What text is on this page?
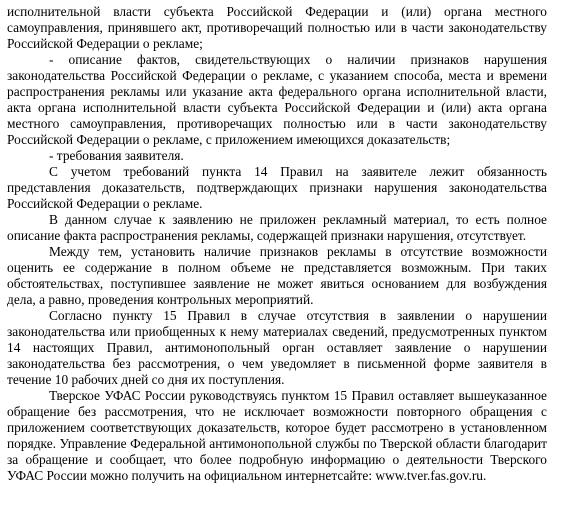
исполнительной власти субъекта Российской Федерации и (или) органа местного самоуправления, принявшего акт, противоречащий полностью или в части законодательству Российской Федерации о рекламе;

- описание фактов, свидетельствующих о наличии признаков нарушения законодательства Российской Федерации о рекламе, с указанием способа, места и времени распространения рекламы или указание акта федерального органа исполнительной власти, акта органа исполнительной власти субъекта Российской Федерации и (или) акта органа местного самоуправления, противоречащих полностью или в части законодательству Российской Федерации о рекламе, с приложением имеющихся доказательств;

- требования заявителя.

С учетом требований пункта 14 Правил на заявителе лежит обязанность представления доказательств, подтверждающих признаки нарушения законодательства Российской Федерации о рекламе.

В данном случае к заявлению не приложен рекламный материал, то есть полное описание факта распространения рекламы, содержащей признаки нарушения, отсутствует.

Между тем, установить наличие признаков рекламы в отсутствие возможности оценить ее содержание в полном объеме не представляется возможным. При таких обстоятельствах, поступившее заявление не может явиться основанием для возбуждения дела, а равно, проведения контрольных мероприятий.

Согласно пункту 15 Правил в случае отсутствия в заявлении о нарушении законодательства или приобщенных к нему материалах сведений, предусмотренных пунктом 14 настоящих Правил, антимонопольный орган оставляет заявление о нарушении законодательства без рассмотрения, о чем уведомляет в письменной форме заявителя в течение 10 рабочих дней со дня их поступления.

Тверское УФАС России руководствуясь пунктом 15 Правил оставляет вышеуказанное обращение без рассмотрения, что не исключает возможности повторного обращения с приложением соответствующих доказательств, которое будет рассмотрено в установленном порядке. Управление Федеральной антимонопольной службы по Тверской области благодарит за обращение и сообщает, что более подробную информацию о деятельности Тверского УФАС России можно получить на официальном интернетсайте: www.tver.fas.gov.ru.
